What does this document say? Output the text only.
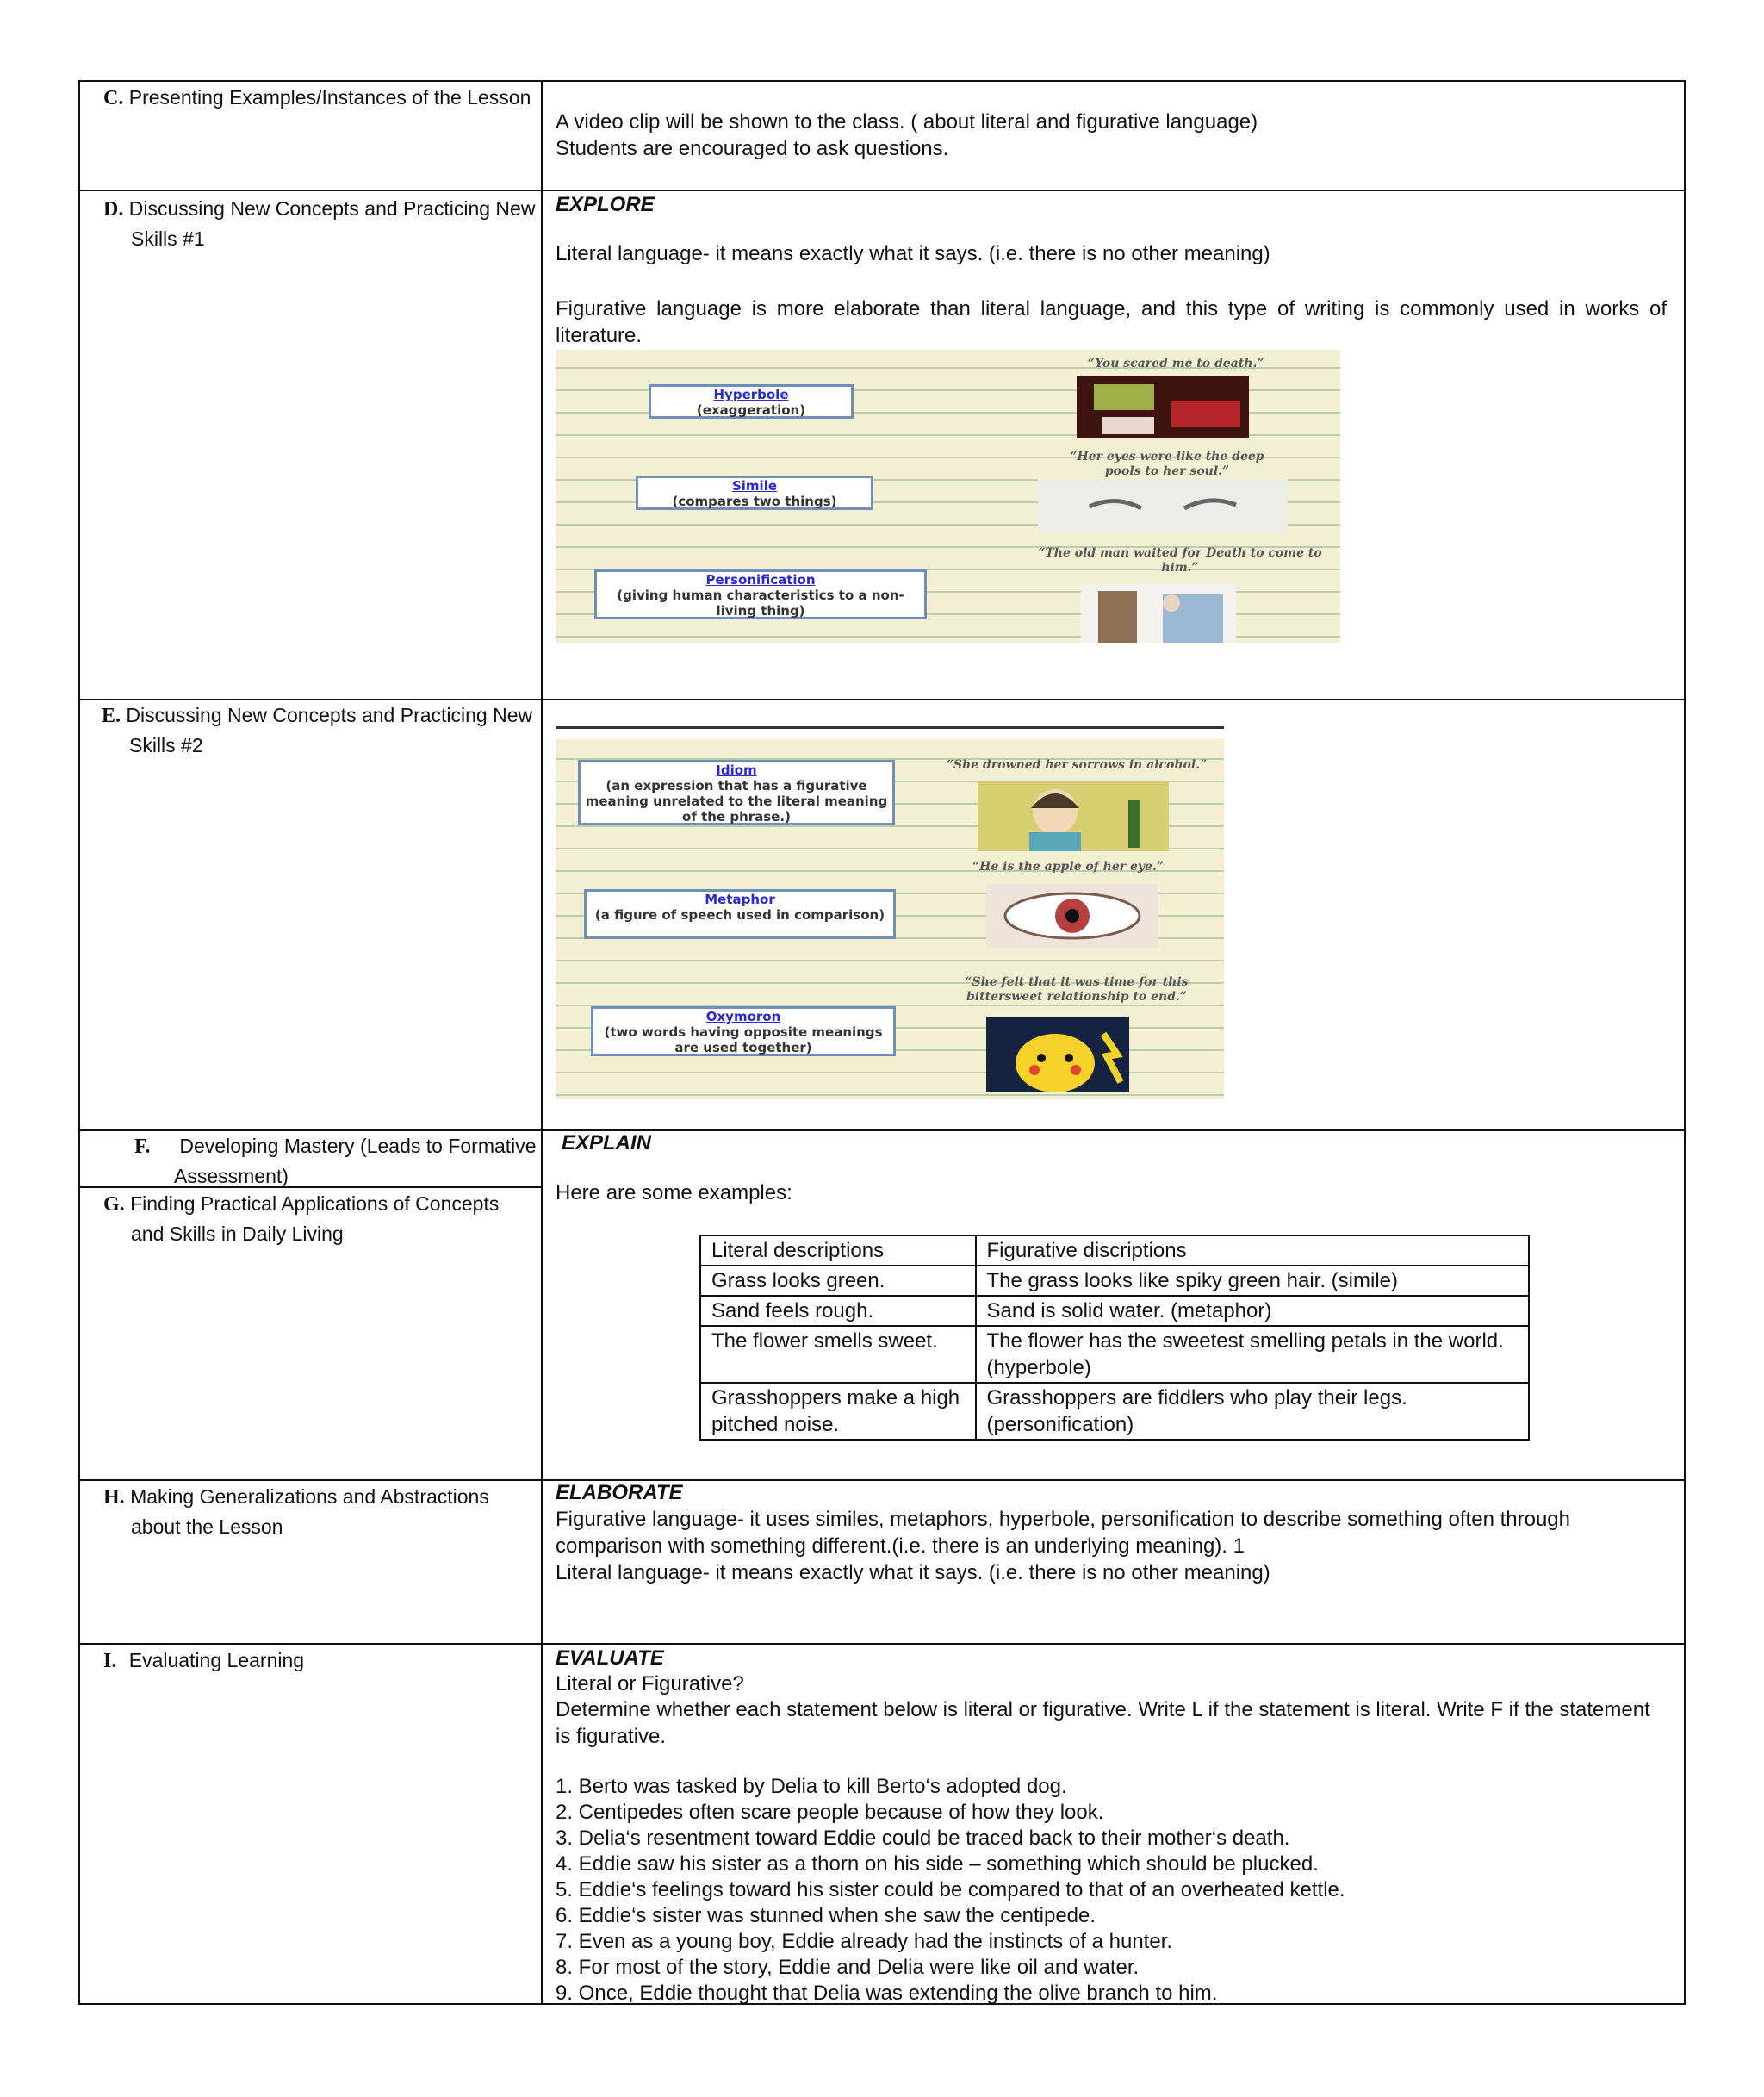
C. Presenting Examples/Instances of the Lesson
A video clip will be shown to the class. ( about literal and figurative language)
Students are encouraged to ask questions.
D. Discussing New Concepts and Practicing New
Skills #1
EXPLORE
Literal language- it means exactly what it says. (i.e. there is no other meaning)
Figurative language is more elaborate than literal language, and this type of writing is commonly used in works of literature.
Hyperbole
(exaggeration)
Simile
(compares two things)
Personification
(giving human characteristics to a non-living thing)
“You scared me to death.”
“Her eyes were like the deep pools to her soul.”
“The old man waited for Death to come to him.”
E. Discussing New Concepts and Practicing New
Skills #2
Idiom
(an expression that has a figurative meaning unrelated to the literal meaning of the phrase.)
Metaphor
(a figure of speech used in comparison)
Oxymoron
(two words having opposite meanings are used together)
“She drowned her sorrows in alcohol.”
“He is the apple of her eye.”
“She felt that it was time for this bittersweet relationship to end.”
F. Developing Mastery (Leads to Formative
Assessment)
G. Finding Practical Applications of Concepts
and Skills in Daily Living
EXPLAIN
Here are some examples:
Literal descriptions	Figurative discriptions
Grass looks green.	The grass looks like spiky green hair. (simile)
Sand feels rough.	Sand is solid water. (metaphor)
The flower smells sweet.	The flower has the sweetest smelling petals in the world. (hyperbole)
Grasshoppers make a high pitched noise.	Grasshoppers are fiddlers who play their legs. (personification)
H. Making Generalizations and Abstractions
about the Lesson
ELABORATE
Figurative language- it uses similes, metaphors, hyperbole, personification to describe something often through comparison with something different.(i.e. there is an underlying meaning). 1
Literal language- it means exactly what it says. (i.e. there is no other meaning)
I. Evaluating Learning	EVALUATE
Literal or Figurative?
Determine whether each statement below is literal or figurative. Write L if the statement is literal. Write F if the statement is figurative.
1. Berto was tasked by Delia to kill Berto‘s adopted dog.
2. Centipedes often scare people because of how they look.
3. Delia‘s resentment toward Eddie could be traced back to their mother‘s death.
4. Eddie saw his sister as a thorn on his side – something which should be plucked.
5. Eddie‘s feelings toward his sister could be compared to that of an overheated kettle.
6. Eddie‘s sister was stunned when she saw the centipede.
7. Even as a young boy, Eddie already had the instincts of a hunter.
8. For most of the story, Eddie and Delia were like oil and water.
9. Once, Eddie thought that Delia was extending the olive branch to him.
